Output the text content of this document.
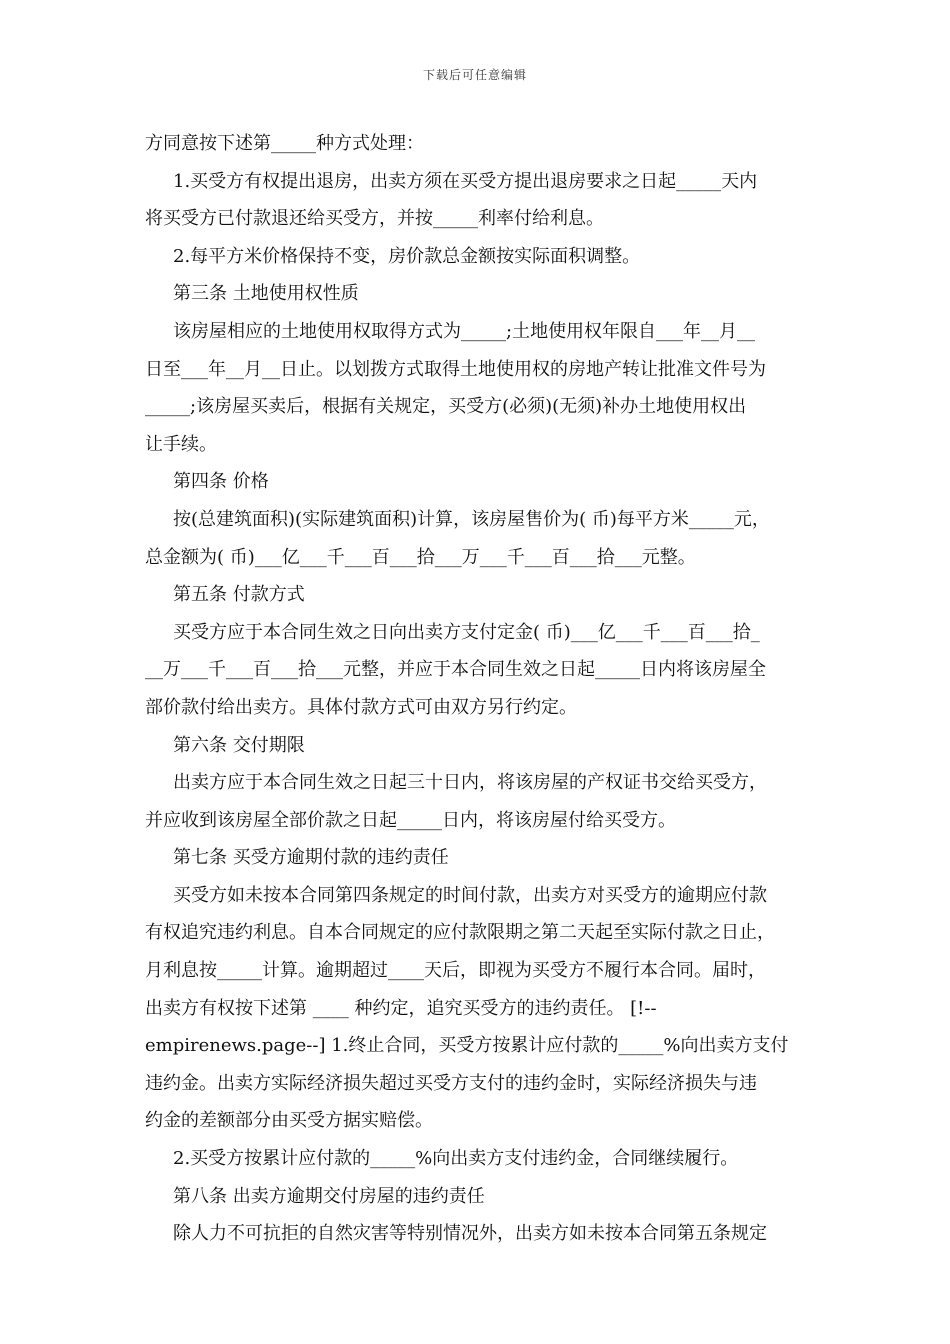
下载后可任意编辑
方同意按下述第_____种方式处理：
1.买受方有权提出退房，出卖方须在买受方提出退房要求之日起_____天内
将买受方已付款退还给买受方，并按_____利率付给利息。
2.每平方米价格保持不变，房价款总金额按实际面积调整。
第三条 土地使用权性质
该房屋相应的土地使用权取得方式为_____;土地使用权年限自___年__月__
日至___年__月__日止。以划拨方式取得土地使用权的房地产转让批准文件号为
_____;该房屋买卖后，根据有关规定，买受方(必须)(无须)补办土地使用权出
让手续。
第四条 价格
按(总建筑面积)(实际建筑面积)计算，该房屋售价为( 币)每平方米_____元，
总金额为( 币)___亿___千___百___拾___万___千___百___拾___元整。
第五条 付款方式
买受方应于本合同生效之日向出卖方支付定金( 币)___亿___千___百___拾_
__万___千___百___拾___元整，并应于本合同生效之日起_____日内将该房屋全
部价款付给出卖方。具体付款方式可由双方另行约定。
第六条 交付期限
出卖方应于本合同生效之日起三十日内，将该房屋的产权证书交给买受方，
并应收到该房屋全部价款之日起_____日内，将该房屋付给买受方。
第七条 买受方逾期付款的违约责任
买受方如未按本合同第四条规定的时间付款，出卖方对买受方的逾期应付款
有权追究违约利息。自本合同规定的应付款限期之第二天起至实际付款之日止，
月利息按_____计算。逾期超过____天后，即视为买受方不履行本合同。届时，
出卖方有权按下述第 ____ 种约定，追究买受方的违约责任。 [!--
empirenews.page--] 1.终止合同，买受方按累计应付款的_____%向出卖方支付
违约金。出卖方实际经济损失超过买受方支付的违约金时，实际经济损失与违
约金的差额部分由买受方据实赔偿。
2.买受方按累计应付款的_____%向出卖方支付违约金，合同继续履行。
第八条 出卖方逾期交付房屋的违约责任
除人力不可抗拒的自然灾害等特别情况外，出卖方如未按本合同第五条规定
